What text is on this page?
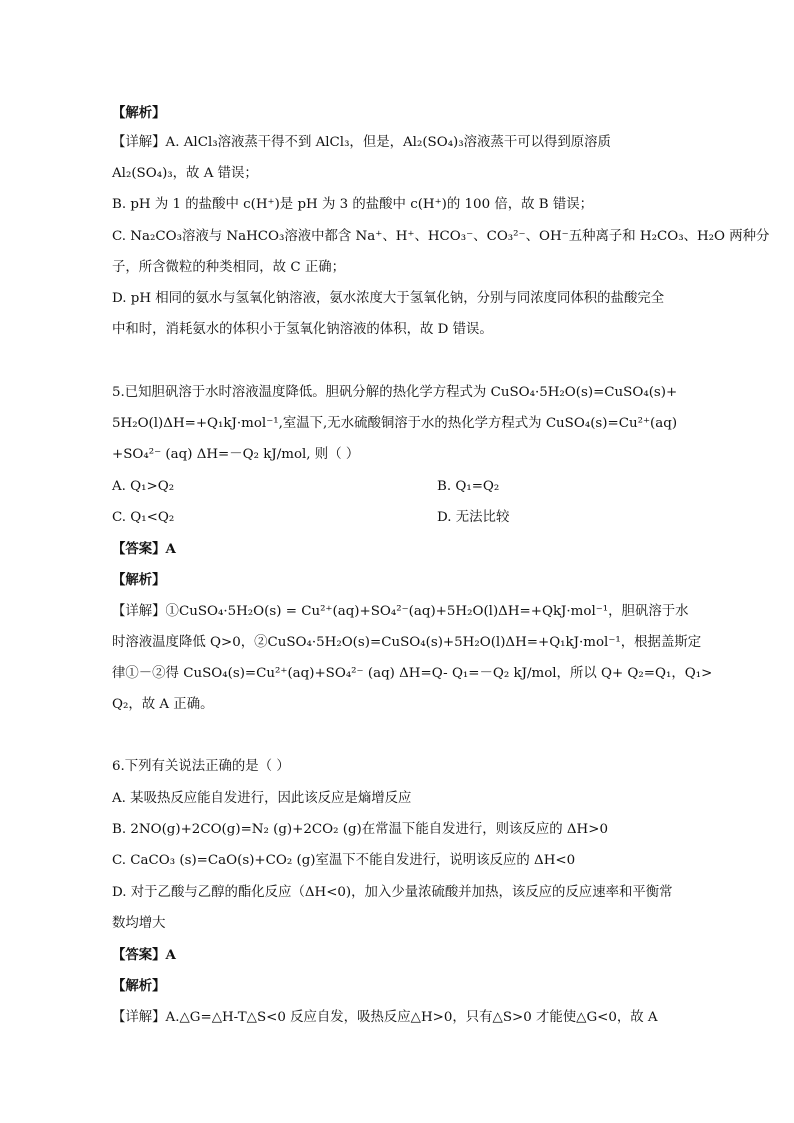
【解析】
【详解】A. AlCl₃溶液蒸干得不到 AlCl₃，但是，Al₂(SO₄)₃溶液蒸干可以得到原溶质
Al₂(SO₄)₃，故 A 错误；
B. pH 为 1 的盐酸中 c(H⁺)是 pH 为 3 的盐酸中 c(H⁺)的 100 倍，故 B 错误；
C. Na₂CO₃溶液与 NaHCO₃溶液中都含 Na⁺、H⁺、HCO₃⁻、CO₃²⁻、OH⁻五种离子和 H₂CO₃、H₂O 两种分
子，所含微粒的种类相同，故 C 正确；
D. pH 相同的氨水与氢氧化钠溶液，氨水浓度大于氢氧化钠，分别与同浓度同体积的盐酸完全
中和时，消耗氨水的体积小于氢氧化钠溶液的体积，故 D 错误。
5.已知胆矾溶于水时溶液温度降低。胆矾分解的热化学方程式为 CuSO₄·5H₂O(s)=CuSO₄(s)+
5H₂O(l)ΔH=+Q₁kJ·mol⁻¹,室温下,无水硫酸铜溶于水的热化学方程式为 CuSO₄(s)=Cu²⁺(aq)
+SO₄²⁻ (aq) ΔH=－Q₂ kJ/mol, 则（ ）
A. Q₁>Q₂	B. Q₁=Q₂
C. Q₁<Q₂	D. 无法比较
【答案】A
【解析】
【详解】①CuSO₄·5H₂O(s) = Cu²⁺(aq)+SO₄²⁻(aq)+5H₂O(l)ΔH=+QkJ·mol⁻¹，胆矾溶于水
时溶液温度降低 Q>0，②CuSO₄·5H₂O(s)=CuSO₄(s)+5H₂O(l)ΔH=+Q₁kJ·mol⁻¹，根据盖斯定
律①－②得 CuSO₄(s)=Cu²⁺(aq)+SO₄²⁻ (aq) ΔH=Q- Q₁=－Q₂ kJ/mol，所以 Q+ Q₂=Q₁，Q₁>
Q₂，故 A 正确。
6.下列有关说法正确的是（ ）
A. 某吸热反应能自发进行，因此该反应是熵增反应
B. 2NO(g)+2CO(g)=N₂ (g)+2CO₂ (g)在常温下能自发进行，则该反应的 ΔH>0
C. CaCO₃ (s)=CaO(s)+CO₂ (g)室温下不能自发进行，说明该反应的 ΔH<0
D. 对于乙酸与乙醇的酯化反应（ΔH<0)，加入少量浓硫酸并加热，该反应的反应速率和平衡常
数均增大
【答案】A
【解析】
【详解】A.△G=△H-T△S<0 反应自发，吸热反应△H>0，只有△S>0 才能使△G<0，故 A
